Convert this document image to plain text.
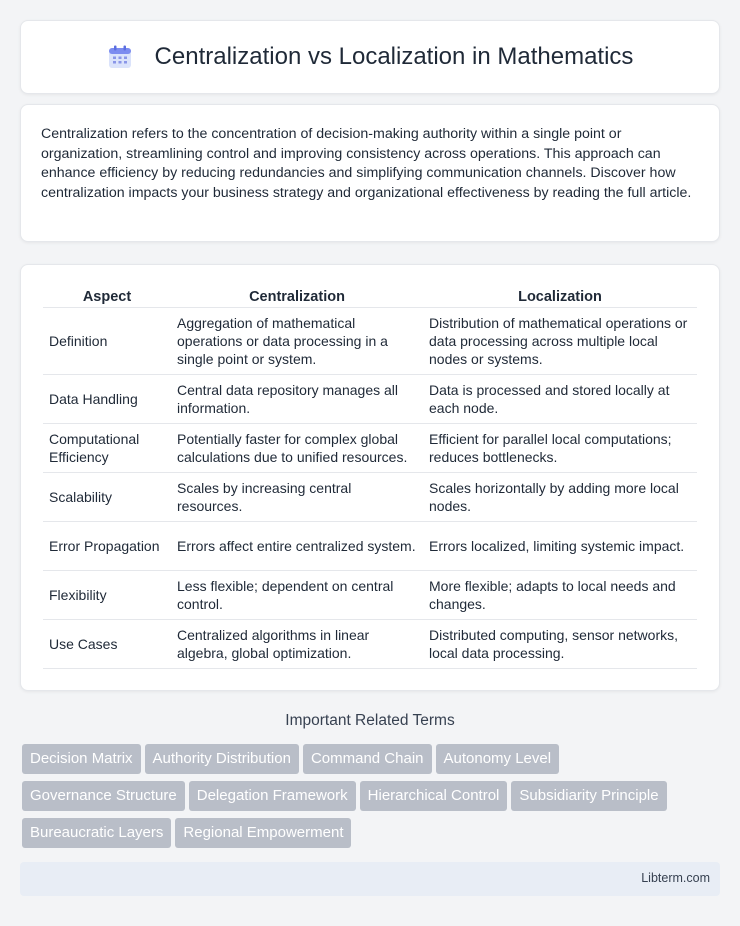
Centralization vs Localization in Mathematics

Centralization refers to the concentration of decision-making authority within a single point or organization, streamlining control and improving consistency across operations. This approach can enhance efficiency by reducing redundancies and simplifying communication channels. Discover how centralization impacts your business strategy and organizational effectiveness by reading the full article.

Aspect	Centralization	Localization
Definition	Aggregation of mathematical operations or data processing in a single point or system.	Distribution of mathematical operations or data processing across multiple local nodes or systems.
Data Handling	Central data repository manages all information.	Data is processed and stored locally at each node.
Computational Efficiency	Potentially faster for complex global calculations due to unified resources.	Efficient for parallel local computations; reduces bottlenecks.
Scalability	Scales by increasing central resources.	Scales horizontally by adding more local nodes.
Error Propagation	Errors affect entire centralized system.	Errors localized, limiting systemic impact.
Flexibility	Less flexible; dependent on central control.	More flexible; adapts to local needs and changes.
Use Cases	Centralized algorithms in linear algebra, global optimization.	Distributed computing, sensor networks, local data processing.
Important Related Terms
Decision Matrix Authority Distribution Command Chain Autonomy Level
Governance Structure Delegation Framework Hierarchical Control Subsidiarity Principle
Bureaucratic Layers Regional Empowerment
Libterm.com
